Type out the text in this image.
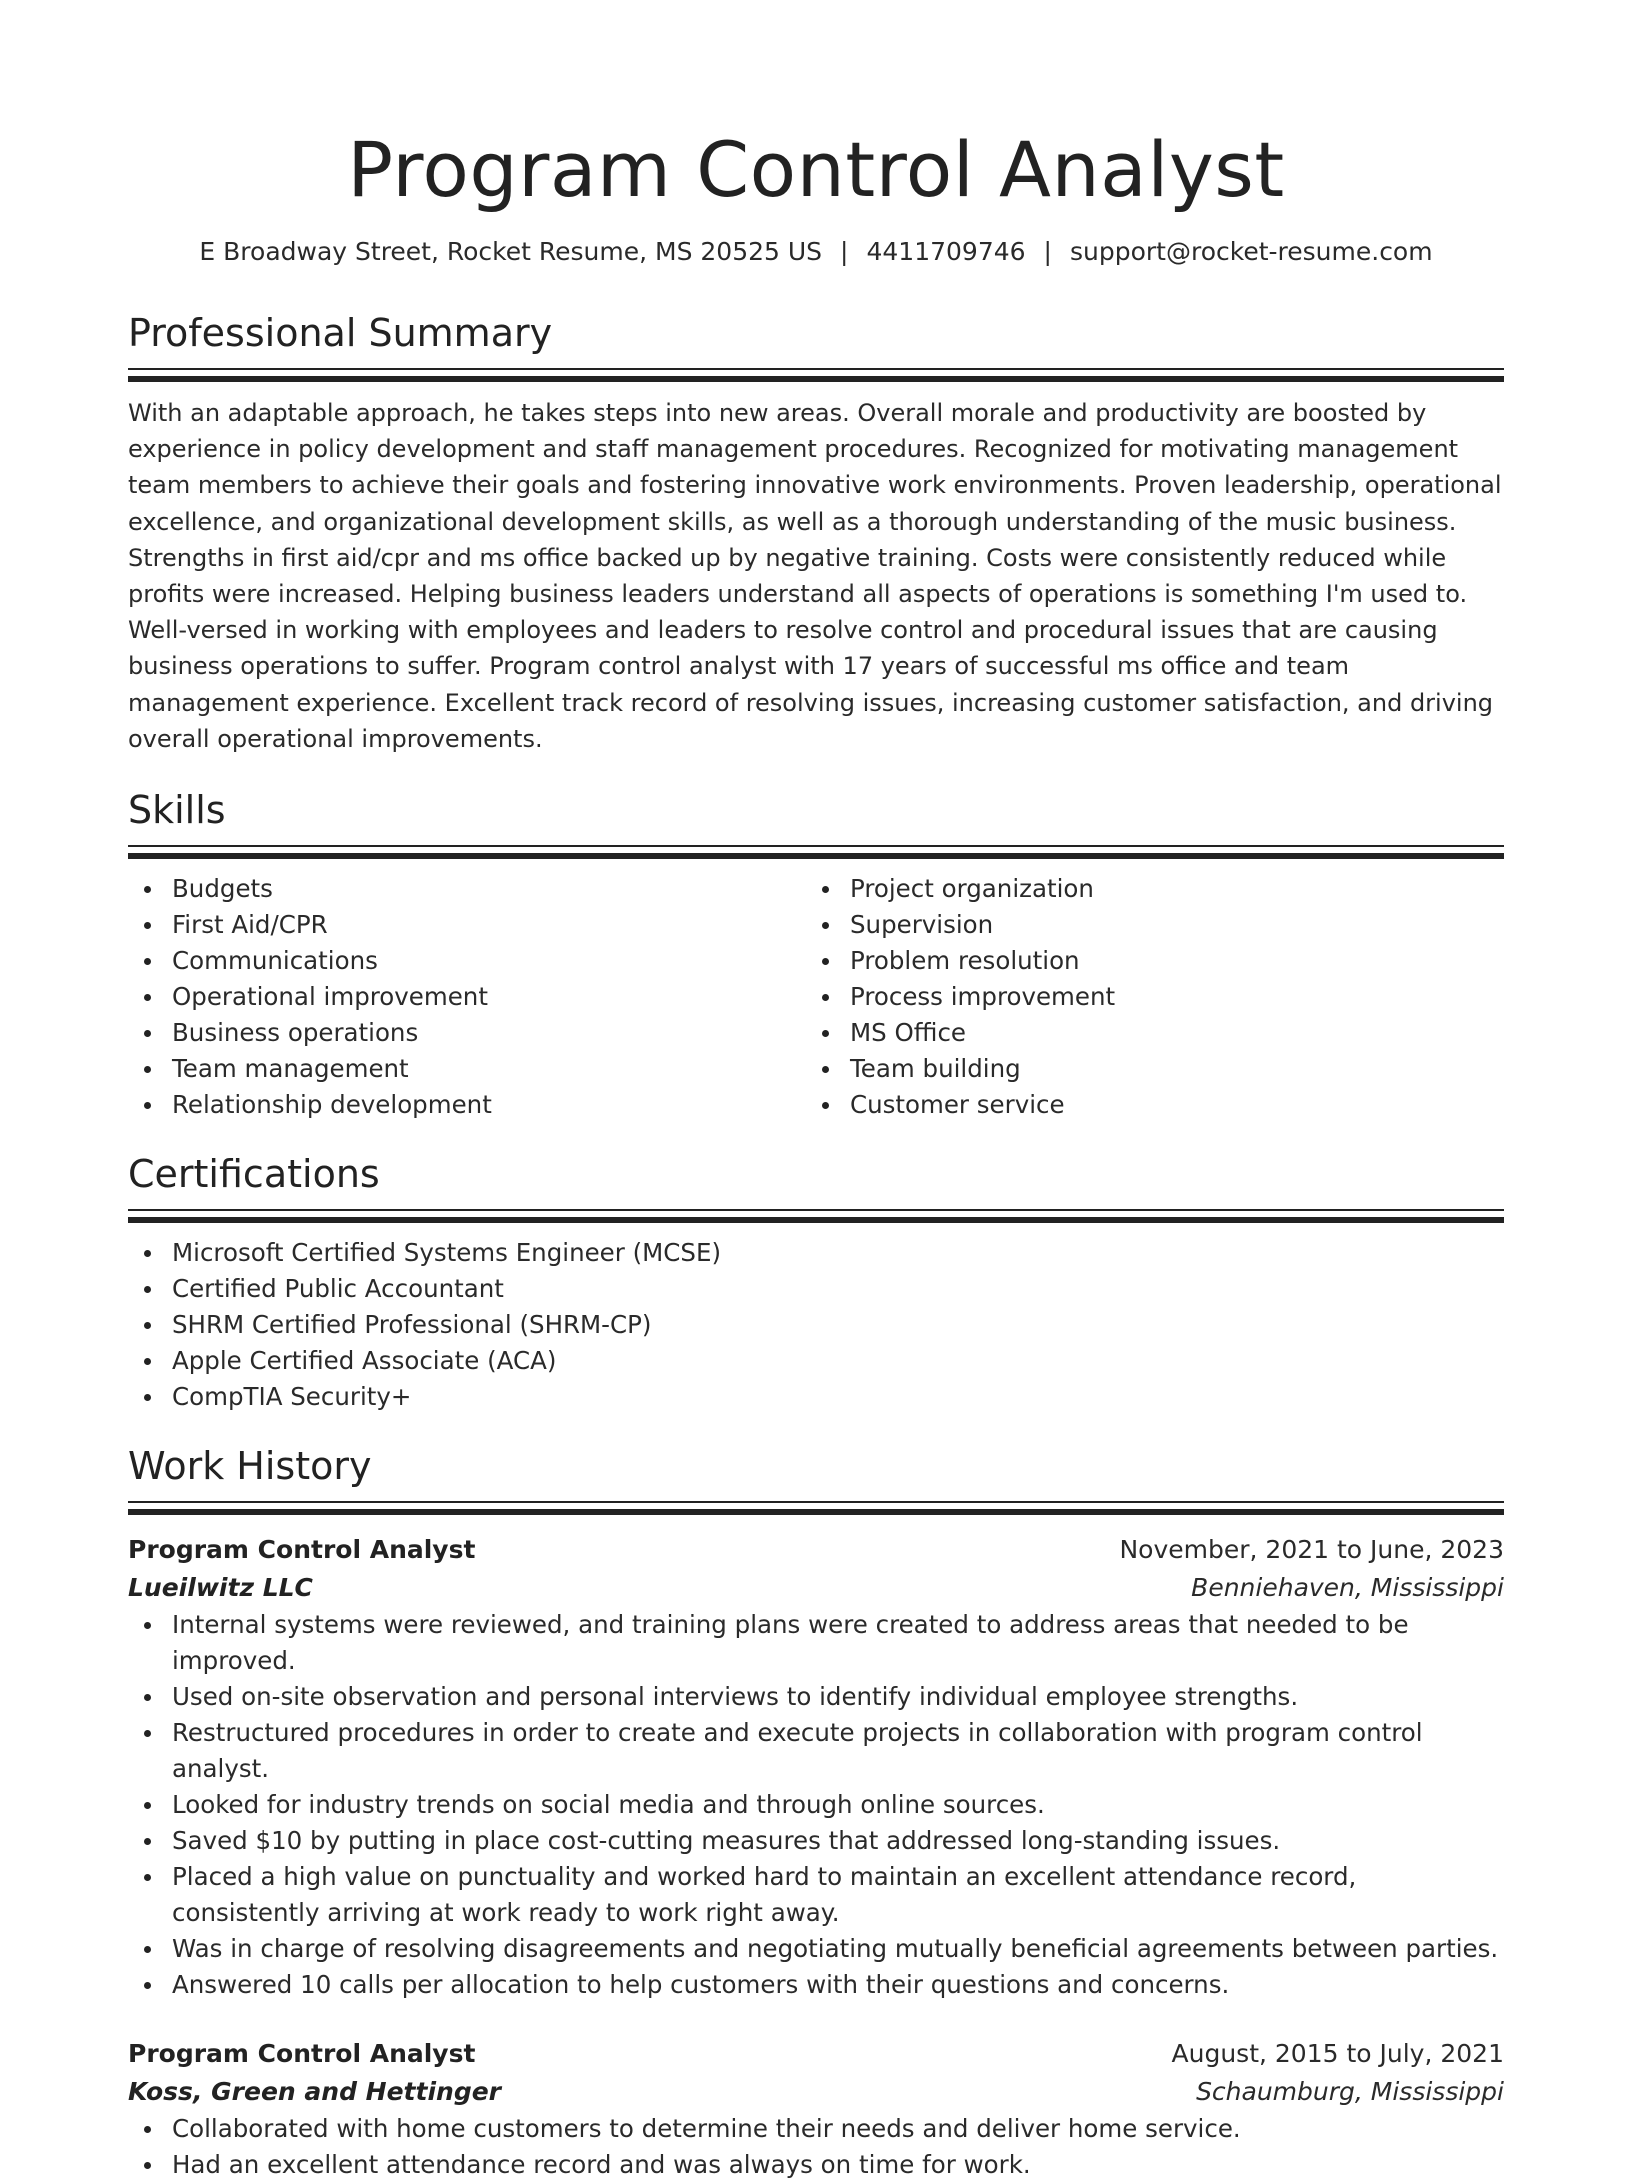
Program Control Analyst
E Broadway Street, Rocket Resume, MS 20525 US | 4411709746 | support@rocket-resume.com
Professional Summary
With an adaptable approach, he takes steps into new areas. Overall morale and productivity are boosted by experience in policy development and staff management procedures. Recognized for motivating management team members to achieve their goals and fostering innovative work environments. Proven leadership, operational excellence, and organizational development skills, as well as a thorough understanding of the music business. Strengths in first aid/cpr and ms office backed up by negative training. Costs were consistently reduced while profits were increased. Helping business leaders understand all aspects of operations is something I'm used to. Well-versed in working with employees and leaders to resolve control and procedural issues that are causing business operations to suffer. Program control analyst with 17 years of successful ms office and team management experience. Excellent track record of resolving issues, increasing customer satisfaction, and driving overall operational improvements.
Skills
Budgets
First Aid/CPR
Communications
Operational improvement
Business operations
Team management
Relationship development
Project organization
Supervision
Problem resolution
Process improvement
MS Office
Team building
Customer service
Certifications
Microsoft Certified Systems Engineer (MCSE)
Certified Public Accountant
SHRM Certified Professional (SHRM-CP)
Apple Certified Associate (ACA)
CompTIA Security+
Work History
Program Control Analyst	November, 2021 to June, 2023
Lueilwitz LLC	Benniehaven, Mississippi
Internal systems were reviewed, and training plans were created to address areas that needed to be improved.
Used on-site observation and personal interviews to identify individual employee strengths.
Restructured procedures in order to create and execute projects in collaboration with program control analyst.
Looked for industry trends on social media and through online sources.
Saved $10 by putting in place cost-cutting measures that addressed long-standing issues.
Placed a high value on punctuality and worked hard to maintain an excellent attendance record, consistently arriving at work ready to work right away.
Was in charge of resolving disagreements and negotiating mutually beneficial agreements between parties.
Answered 10 calls per allocation to help customers with their questions and concerns.
Program Control Analyst	August, 2015 to July, 2021
Koss, Green and Hettinger	Schaumburg, Mississippi
Collaborated with home customers to determine their needs and deliver home service.
Had an excellent attendance record and was always on time for work.
